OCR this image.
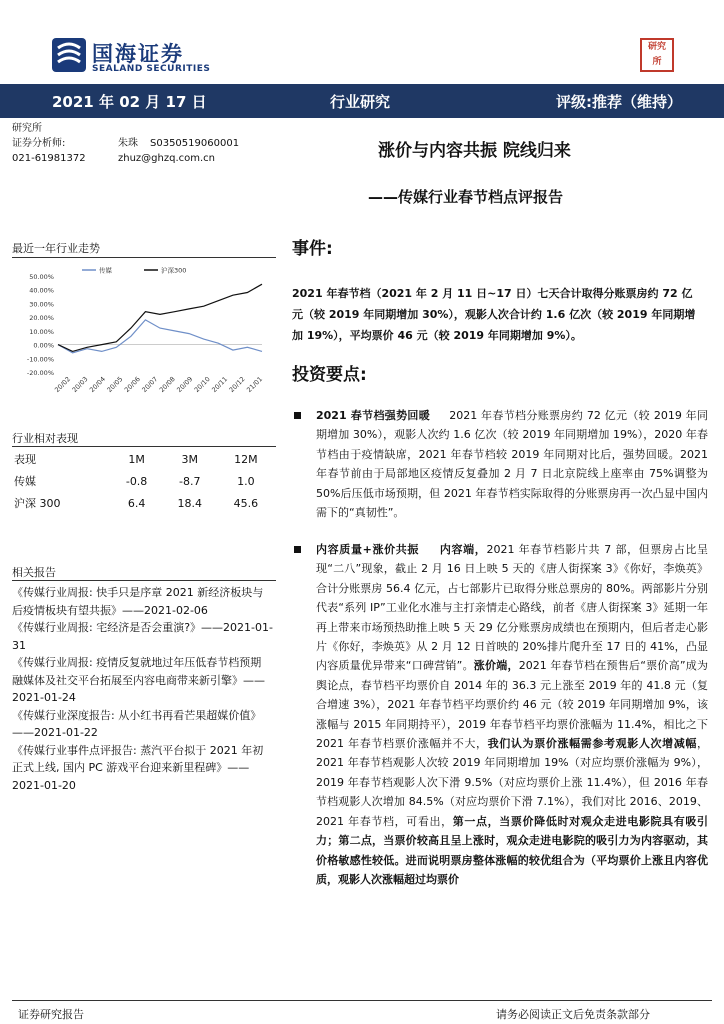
国海证券
SEALAND SECURITIES
研究 所
2021 年 02 月 17 日	行业研究	评级:推荐（维持）
研究所
证券分析师:	朱珠 S0350519060001
021-61981372	zhuz@ghzq.com.cn	涨价与内容共振 院线归来
——传媒行业春节档点评报告
最近一年行业走势
50.00%
40.00%
30.00%
20.00%
10.00%
0.00%
-10.00%
-20.00%
20/02
20/03
20/04
20/05
20/06
20/07
20/08
20/09
20/10
20/11
20/12
21/01
传媒	沪深300
行业相对表现
表现	1M	3M	12M
传媒	-0.8	-8.7	1.0
沪深 300	6.4	18.4	45.6
相关报告
《传媒行业周报: 快手只是序章 2021 新经济板块与后疫情板块有望共振》——2021-02-06
《传媒行业周报: 宅经济是否会重演?》——2021-01-31
《传媒行业周报: 疫情反复就地过年压低春节档预期 融媒体及社交平台拓展至内容电商带来新引擎》——2021-01-24
《传媒行业深度报告: 从小红书再看芒果超媒价值》——2021-01-22
《传媒行业事件点评报告: 蒸汽平台拟于 2021 年初正式上线, 国内 PC 游戏平台迎来新里程碑》——2021-01-20
事件:
2021 年春节档（2021 年 2 月 11 日~17 日）七天合计取得分账票房约 72 亿元（较 2019 年同期增加 30%），观影人次合计约 1.6 亿次（较 2019 年同期增加 19%），平均票价 46 元（较 2019 年同期增加 9%）。
投资要点:
2021 春节档强势回暖 2021 年春节档分账票房约 72 亿元（较 2019 年同期增加 30%），观影人次约 1.6 亿次（较 2019 年同期增加 19%），2020 年春节档由于疫情缺席，2021 年春节档较 2019 年同期对比后，强势回暖。2021 年春节前由于局部地区疫情反复叠加 2 月 7 日北京院线上座率由 75%调整为 50%后压低市场预期，但 2021 年春节档实际取得的分账票房再一次凸显中国内需下的“真韧性”。
内容质量+涨价共振 内容端，2021 年春节档影片共 7 部，但票房占比呈现“二八”现象，截止 2 月 16 日上映 5 天的《唐人街探案 3》《你好，李焕英》合计分账票房 56.4 亿元，占七部影片已取得分账总票房的 80%。两部影片分别代表“系列 IP”工业化水准与主打亲情走心路线，前者《唐人街探案 3》延期一年再上带来市场预热助推上映 5 天 29 亿分账票房成绩也在预期内，但后者走心影片《你好，李焕英》从 2 月 12 日首映的 20%排片爬升至 17 日的 41%，凸显内容质量优异带来“口碑营销”。涨价端，2021 年春节档在预售后“票价高”成为舆论点，春节档平均票价自 2014 年的 36.3 元上涨至 2019 年的 41.8 元（复合增速 3%），2021 年春节档平均票价约 46 元（较 2019 年同期增加 9%，该涨幅与 2015 年同期持平），2019 年春节档平均票价涨幅为 11.4%，相比之下 2021 年春节档票价涨幅并不大，我们认为票价涨幅需参考观影人次增减幅，2021 年春节档观影人次较 2019 年同期增加 19%（对应均票价涨幅为 9%），2019 年春节档观影人次下滑 9.5%（对应均票价上涨 11.4%），但 2016 年春节档观影人次增加 84.5%（对应均票价下滑 7.1%），我们对比 2016、2019、2021 年春节档，可看出，第一点，当票价降低时对观众走进电影院具有吸引力；第二点，当票价较高且呈上涨时，观众走进电影院的吸引力为内容驱动，其价格敏感性较低。进而说明票房整体涨幅的较优组合为（平均票价上涨且内容优质，观影人次涨幅超过均票价
证券研究报告	请务必阅读正文后免责条款部分
